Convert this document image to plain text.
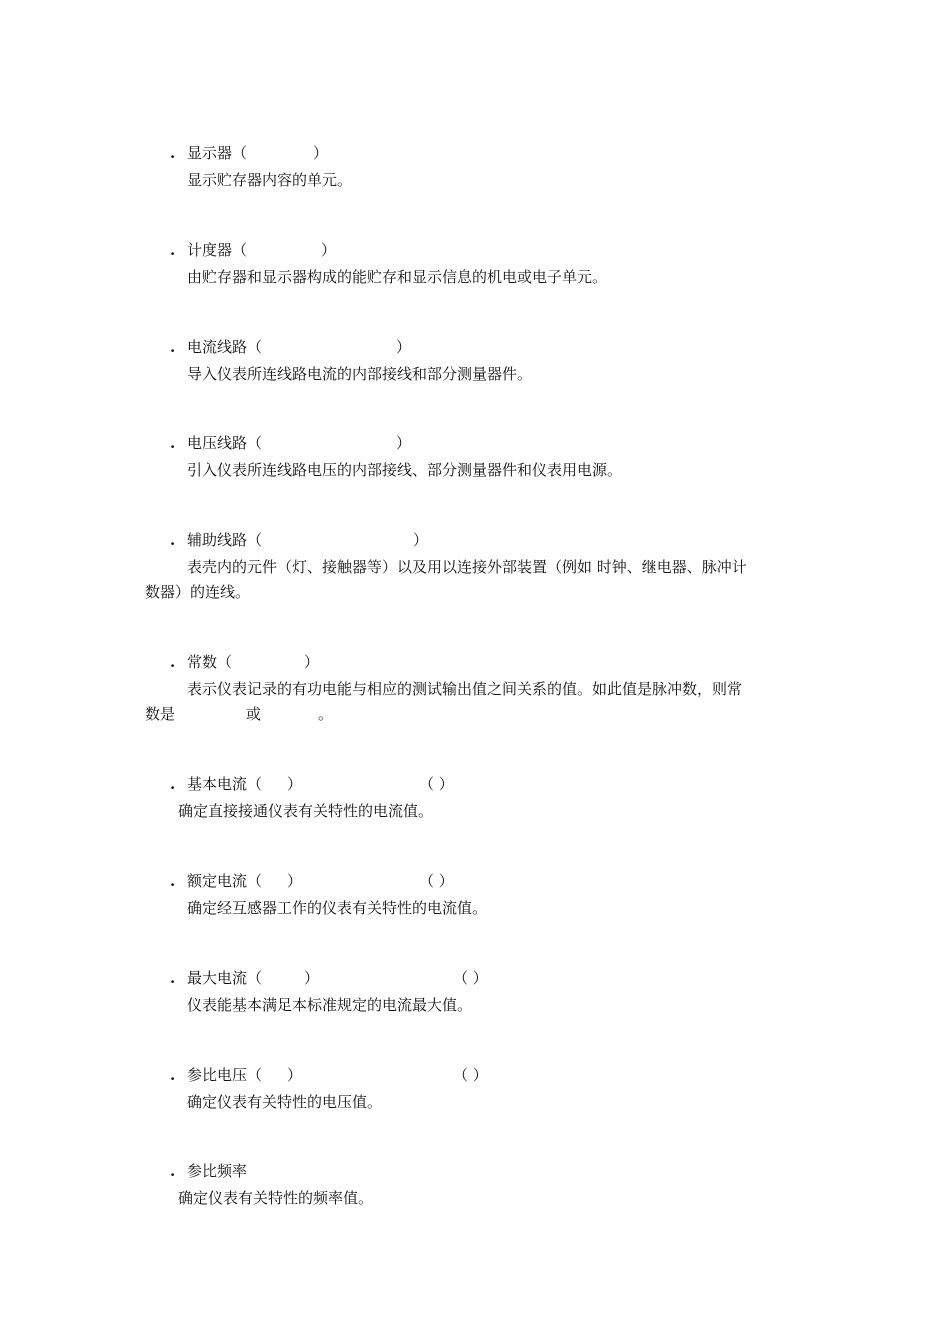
. 显示器（	）
显示贮存器内容的单元。
. 计度器（	）
由贮存器和显示器构成的能贮存和显示信息的机电或电子单元。
. 电流线路（	）
导入仪表所连线路电流的内部接线和部分测量器件。
. 电压线路（	）
引入仪表所连线路电压的内部接线、部分测量器件和仪表用电源。
. 辅助线路（	）
表壳内的元件（灯、接触器等）以及用以连接外部装置（例如 时钟、继电器、脉冲计
数器）的连线。
. 常数（	）
表示仪表记录的有功电能与相应的测试输出值之间关系的值。如此值是脉冲数，则常
数是	或	。
. 基本电流（ ）	（ ）
确定直接接通仪表有关特性的电流值。
. 额定电流（ ）	（ ）
确定经互感器工作的仪表有关特性的电流值。
. 最大电流（	）	（ ）
仪表能基本满足本标准规定的电流最大值。
. 参比电压（ ）	（ ）
确定仪表有关特性的电压值。
. 参比频率
确定仪表有关特性的频率值。
